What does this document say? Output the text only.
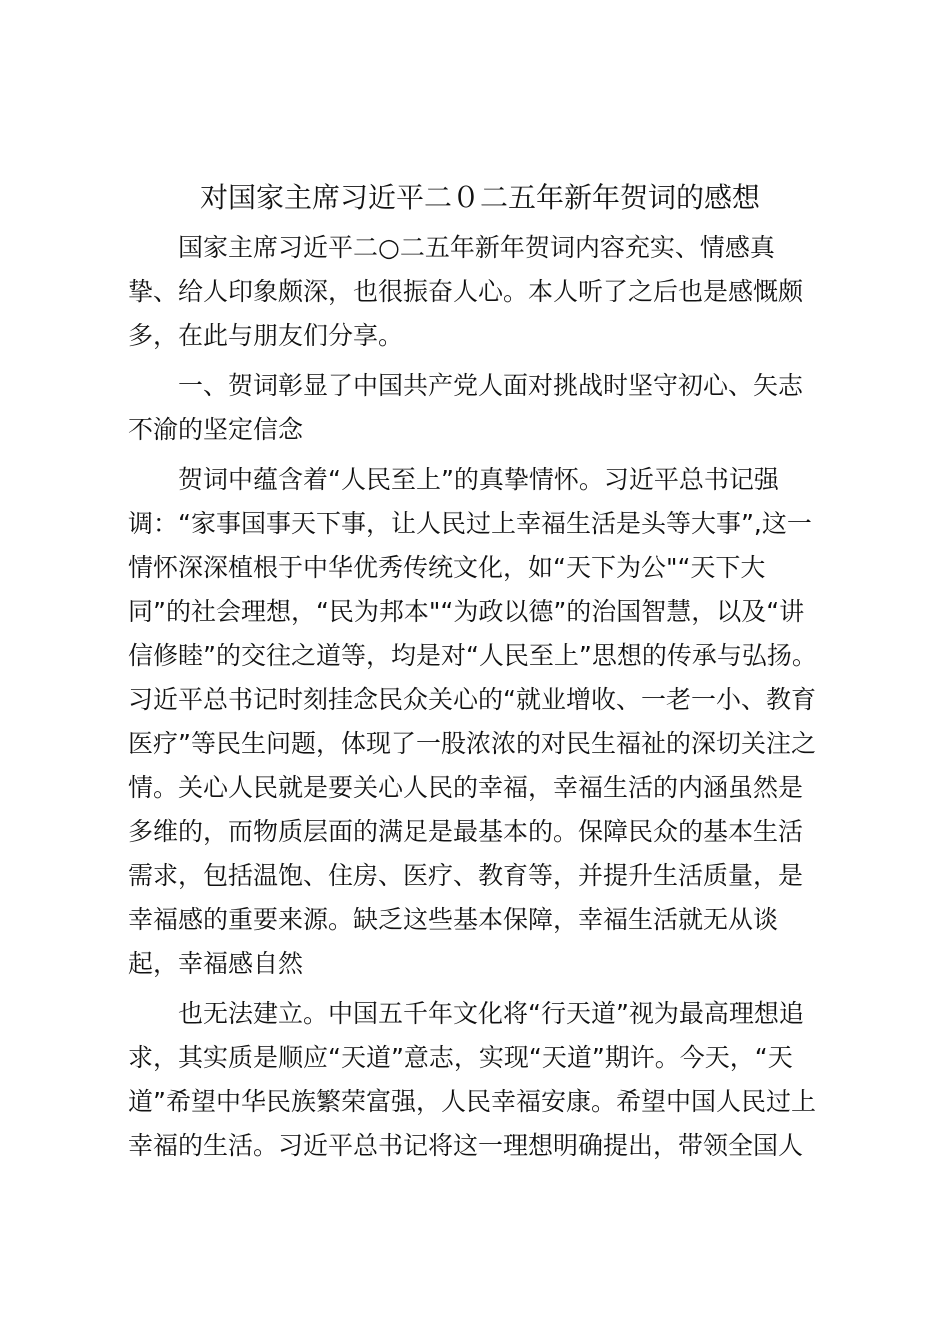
对国家主席习近平二０二五年新年贺词的感想
国家主席习近平二○二五年新年贺词内容充实、情感真
挚、给人印象颇深，也很振奋人心。本人听了之后也是感慨颇
多，在此与朋友们分享。
一、贺词彰显了中国共产党人面对挑战时坚守初心、矢志
不渝的坚定信念
贺词中蕴含着“人民至上”的真挚情怀。习近平总书记强
调：“家事国事天下事，让人民过上幸福生活是头等大事”,这一
情怀深深植根于中华优秀传统文化，如“天下为公"“天下大
同”的社会理想，“民为邦本"“为政以德”的治国智慧，以及“讲
信修睦”的交往之道等，均是对“人民至上”思想的传承与弘扬。
习近平总书记时刻挂念民众关心的“就业增收、一老一小、教育
医疗”等民生问题，体现了一股浓浓的对民生福祉的深切关注之
情。关心人民就是要关心人民的幸福，幸福生活的内涵虽然是
多维的，而物质层面的满足是最基本的。保障民众的基本生活
需求，包括温饱、住房、医疗、教育等，并提升生活质量，是
幸福感的重要来源。缺乏这些基本保障，幸福生活就无从谈
起，幸福感自然
也无法建立。中国五千年文化将“行天道”视为最高理想追
求，其实质是顺应“天道”意志，实现“天道”期许。今天，“天
道”希望中华民族繁荣富强，人民幸福安康。希望中国人民过上
幸福的生活。习近平总书记将这一理想明确提出，带领全国人
